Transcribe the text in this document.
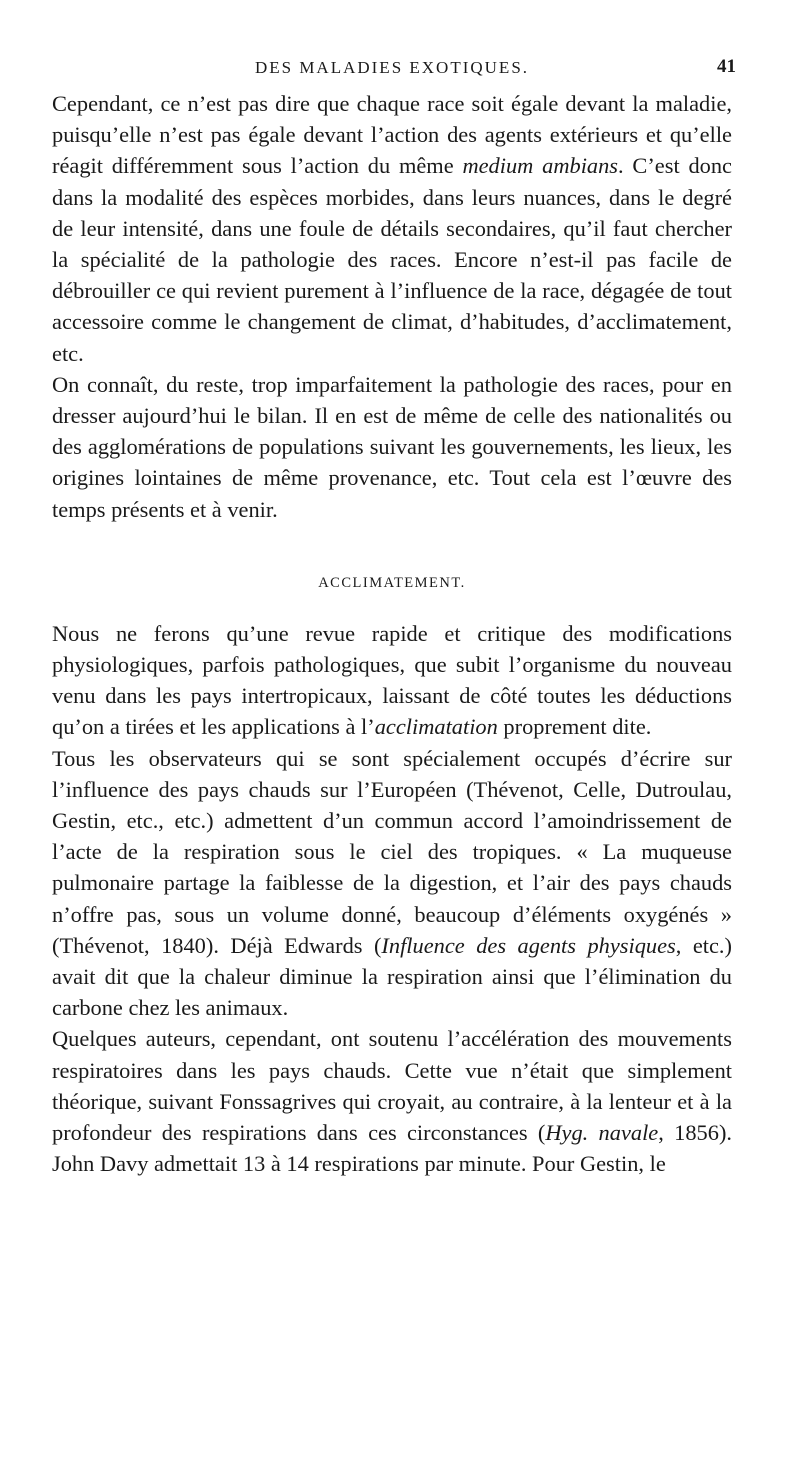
DES MALADIES EXOTIQUES.	41

Cependant, ce n’est pas dire que chaque race soit égale devant la maladie, puisqu’elle n’est pas égale devant l’action des agents extérieurs et qu’elle réagit différemment sous l’action du même medium ambians. C’est donc dans la modalité des espèces morbides, dans leurs nuances, dans le degré de leur intensité, dans une foule de détails secondaires, qu’il faut chercher la spécialité de la pathologie des races. Encore n’est-il pas facile de débrouiller ce qui revient purement à l’influence de la race, dégagée de tout accessoire comme le changement de climat, d’habitudes, d’acclimatement, etc.

On connaît, du reste, trop imparfaitement la pathologie des races, pour en dresser aujourd’hui le bilan. Il en est de même de celle des nationalités ou des agglomérations de populations suivant les gouvernements, les lieux, les origines lointaines de même provenance, etc. Tout cela est l’œuvre des temps présents et à venir.

ACCLIMATEMENT.

Nous ne ferons qu’une revue rapide et critique des modifications physiologiques, parfois pathologiques, que subit l’organisme du nouveau venu dans les pays intertropicaux, laissant de côté toutes les déductions qu’on a tirées et les applications à l’acclimatation proprement dite.

Tous les observateurs qui se sont spécialement occupés d’écrire sur l’influence des pays chauds sur l’Européen (Thévenot, Celle, Dutroulau, Gestin, etc., etc.) admettent d’un commun accord l’amoindrissement de l’acte de la respiration sous le ciel des tropiques. « La muqueuse pulmonaire partage la faiblesse de la digestion, et l’air des pays chauds n’offre pas, sous un volume donné, beaucoup d’éléments oxygénés » (Thévenot, 1840). Déjà Edwards (Influence des agents physiques, etc.) avait dit que la chaleur diminue la respiration ainsi que l’élimination du carbone chez les animaux.

Quelques auteurs, cependant, ont soutenu l’accélération des mouvements respiratoires dans les pays chauds. Cette vue n’était que simplement théorique, suivant Fonssagrives qui croyait, au contraire, à la lenteur et à la profondeur des respirations dans ces circonstances (Hyg. navale, 1856). John Davy admettait 13 à 14 respirations par minute. Pour Gestin, le
